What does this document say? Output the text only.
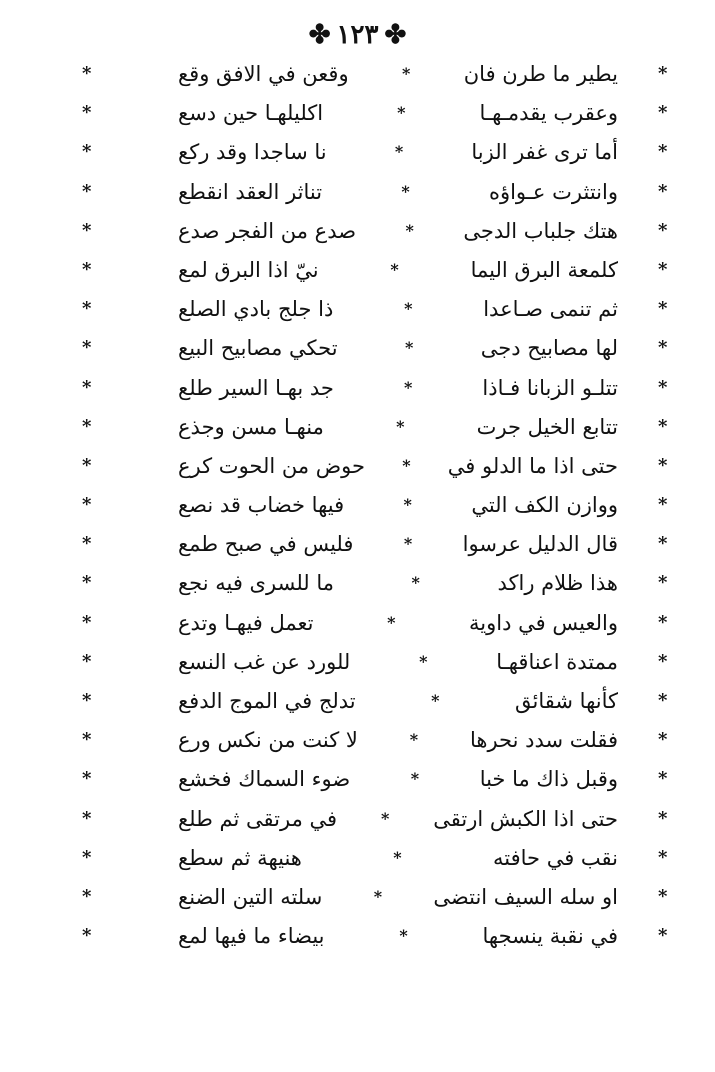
✤ ١٢٣ ✤
*
يطير ما طرن فان
*
وقعن في الافق وقع
*
*
وعقرب يقدمـهـا
*
اكليلهـا حين دسع
*
*
أما ترى غفر الزبا
*
نا ساجدا وقد ركع
*
*
وانتثرت عـواؤه
*
تناثر العقد انقطع
*
*
هتك جلباب الدجى
*
صدع من الفجر صدع
*
*
كلمعة البرق اليما
*
نيّ اذا البرق لمع
*
*
ثم تنمى صـاعدا
*
ذا جلج بادي الصلع
*
*
لها مصابيح دجى
*
تحكي مصابيح البيع
*
*
تتلـو الزبانا فـاذا
*
جد بهـا السير طلع
*
*
تتابع الخيل جرت
*
منهـا مسن وجذع
*
*
حتى اذا ما الدلو في
*
حوض من الحوت كرع
*
*
ووازن الكف التي
*
فيها خضاب قد نصع
*
*
قال الدليل عرسوا
*
فليس في صبح طمع
*
*
هذا ظلام راكد
*
ما للسرى فيه نجع
*
*
والعيس في داوية
*
تعمل فيهـا وتدع
*
*
ممتدة اعناقهـا
*
للورد عن غب النسع
*
*
كأنها شقائق
*
تدلج في الموج الدفع
*
*
فقلت سدد نحرها
*
لا كنت من نكس ورع
*
*
وقبل ذاك ما خبا
*
ضوء السماك فخشع
*
*
حتى اذا الكبش ارتقى
*
في مرتقى ثم طلع
*
*
نقب في حافته
*
هنيهة ثم سطع
*
*
او سله السيف انتضى
*
سلته التين الضنع
*
*
في نقبة ينسجها
*
بيضاء ما فيها لمع
*
